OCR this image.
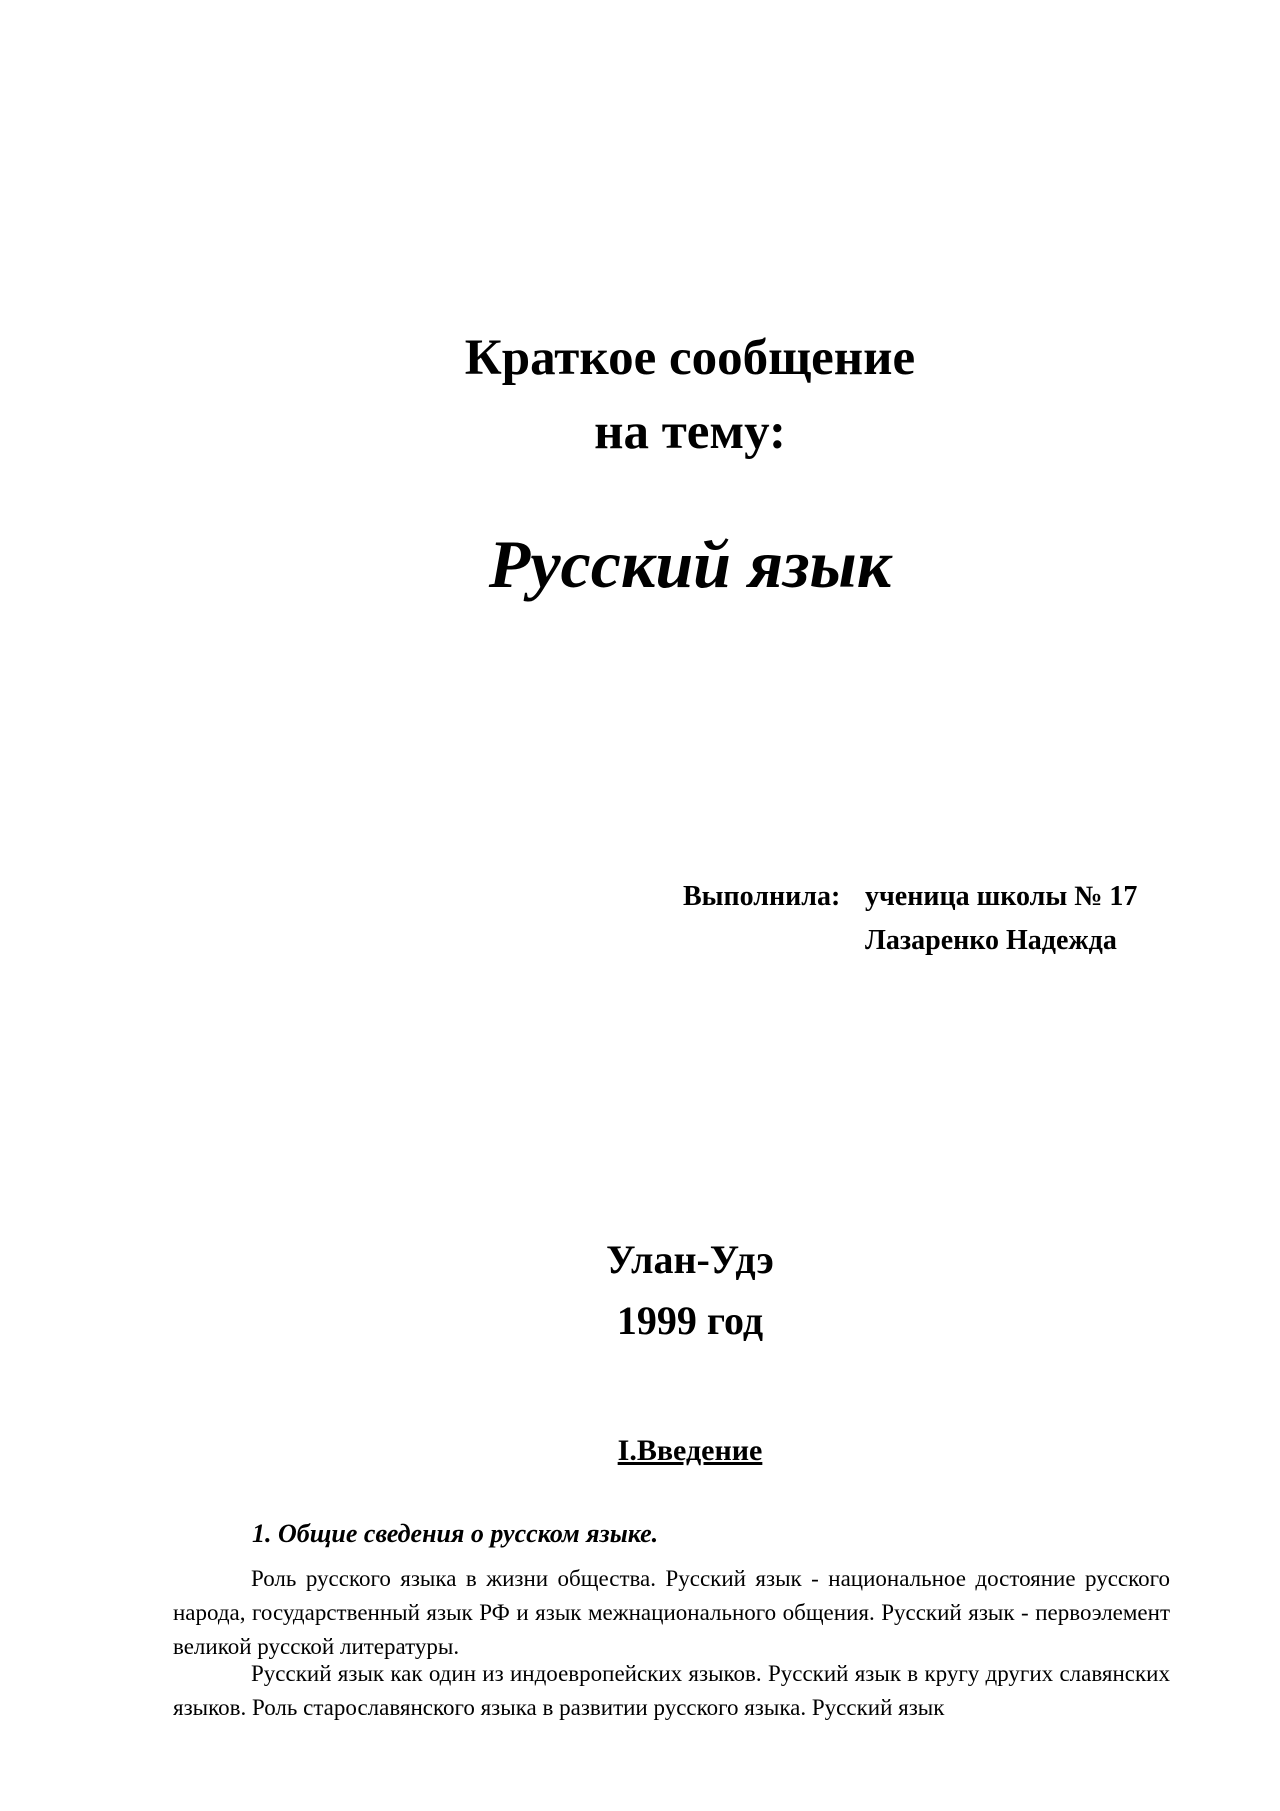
Краткое сообщение
на тему:
Русский язык
Выполнила: ученица школы № 17
Лазаренко Надежда
Улан-Удэ
1999 год
I.Введение
1. Общие сведения о русском языке.
Роль русского языка в жизни общества. Русский язык - национальное достояние русского народа, государственный язык РФ и язык межнационального общения. Русский язык - первоэлемент великой русской литературы.
Русский язык как один из индоевропейских языков. Русский язык в кругу других славянских языков. Роль старославянского языка в развитии русского языка. Русский язык
